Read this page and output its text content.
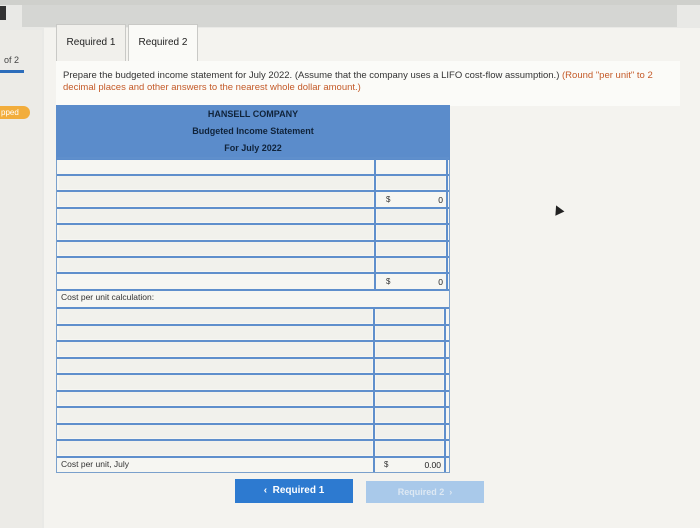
of 2
pped
Required 1	Required 2
Prepare the budgeted income statement for July 2022. (Assume that the company uses a LIFO cost-flow assumption.) (Round "per unit" to 2 decimal places and other answers to the nearest whole dollar amount.)
HANSELL COMPANY
Budgeted Income Statement
For July 2022
$	0
$	0
Cost per unit calculation:
Cost per unit, July	$	0.00
‹  Required 1	Required 2  ›
